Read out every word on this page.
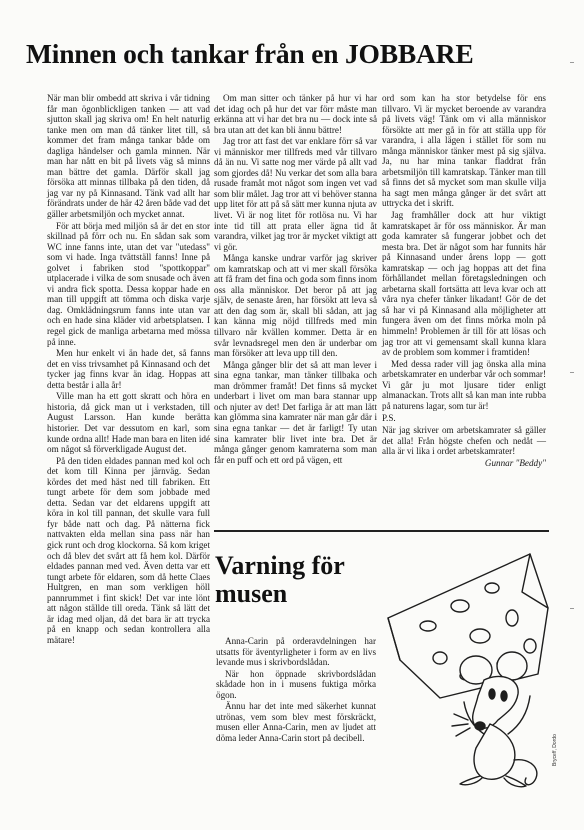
Minnen och tankar från en JOBBARE

När man blir ombedd att skriva i vår tidning får man ögonblickligen tanken — att vad sjutton skall jag skriva om! En helt naturlig tanke men om man då tänker litet till, så kommer det fram många tankar både om dagliga händelser och gamla minnen. När man har nått en bit på livets väg så minns man bättre det gamla. Därför skall jag försöka att minnas tillbaka på den tiden, då jag var ny på Kinnasand. Tänk vad allt har förändrats under de här 42 åren både vad det gäller arbetsmiljön och mycket annat.

För att börja med miljön så är det en stor skillnad på förr och nu. En sådan sak som WC inne fanns inte, utan det var "utedass" som vi hade. Inga tvättställ fanns! Inne på golvet i fabriken stod "spottkoppar" utplacerade i vilka de som snusade och även vi andra fick spotta. Dessa koppar hade en man till uppgift att tömma och diska varje dag. Omklädningsrum fanns inte utan var och en hade sina kläder vid arbetsplatsen. I regel gick de manliga arbetarna med mössa på inne.

Men hur enkelt vi än hade det, så fanns det en viss trivsamhet på Kinnasand och det tycker jag finns kvar än idag. Hoppas att detta består i alla år!

Ville man ha ett gott skratt och höra en historia, då gick man ut i verkstaden, till August Larsson. Han kunde berätta historier. Det var dessutom en karl, som kunde ordna allt! Hade man bara en liten idé om något så förverkligade August det.

På den tiden eldades pannan med kol och det kom till Kinna per järnväg. Sedan kördes det med häst ned till fabriken. Ett tungt arbete för dem som jobbade med detta. Sedan var det eldarens uppgift att köra in kol till pannan, det skulle vara full fyr både natt och dag. På nätterna fick nattvakten elda mellan sina pass när han gick runt och drog klockorna. Så kom kriget och då blev det svårt att få hem kol. Därför eldades pannan med ved. Även detta var ett tungt arbete för eldaren, som då hette Claes Hultgren, en man som verkligen höll pannrummet i fint skick! Det var inte lönt att någon ställde till oreda. Tänk så lätt det är idag med oljan, då det bara är att trycka på en knapp och sedan kontrollera alla mätare!

Om man sitter och tänker på hur vi har det idag och på hur det var förr måste man erkänna att vi har det bra nu — dock inte så bra utan att det kan bli ännu bättre!

Jag tror att fast det var enklare förr så var vi människor mer tillfreds med vår tillvaro då än nu. Vi satte nog mer värde på allt vad som gjordes då! Nu verkar det som alla bara rusade framåt mot något som ingen vet vad som blir målet. Jag tror att vi behöver stanna upp litet för att på så sätt mer kunna njuta av livet. Vi är nog litet för rotlösa nu. Vi har inte tid till att prata eller ägna tid åt varandra, vilket jag tror är mycket viktigt att vi gör.

Många kanske undrar varför jag skriver om kamratskap och att vi mer skall försöka att få fram det fina och goda som finns inom oss alla människor. Det beror på att jag själv, de senaste åren, har försökt att leva så att den dag som är, skall bli sådan, att jag kan känna mig nöjd tillfreds med min tillvaro när kvällen kommer. Detta är en svår levnadsregel men den är underbar om man försöker att leva upp till den.

Många gånger blir det så att man lever i sina egna tankar, man tänker tillbaka och man drömmer framåt! Det finns så mycket underbart i livet om man bara stannar upp och njuter av det! Det farliga är att man lätt kan glömma sina kamrater när man går där i sina egna tankar — det är farligt! Ty utan sina kamrater blir livet inte bra. Det är många gånger genom kamraterna som man får en puff och ett ord på vägen, ett

ord som kan ha stor betydelse för ens tillvaro. Vi är mycket beroende av varandra på livets väg! Tänk om vi alla människor försökte att mer gå in för att ställa upp för varandra, i alla lägen i stället för som nu många människor tänker mest på sig själva. Ja, nu har mina tankar fladdrat från arbetsmiljön till kamratskap. Tänker man till så finns det så mycket som man skulle vilja ha sagt men många gånger är det svårt att uttrycka det i skrift.

Jag framhåller dock att hur viktigt kamratskapet är för oss människor. Är man goda kamrater så fungerar jobbet och det mesta bra. Det är något som har funnits här på Kinnasand under årens lopp — gott kamratskap — och jag hoppas att det fina förhållandet mellan företagsledningen och arbetarna skall fortsätta att leva kvar och att våra nya chefer tänker likadant! Gör de det så har vi på Kinnasand alla möjligheter att fungera även om det finns mörka moln på himmeln! Problemen är till för att lösas och jag tror att vi gemensamt skall kunna klara av de problem som kommer i framtiden!

Med dessa rader vill jag önska alla mina arbetskamrater en underbar vår och sommar! Vi går ju mot ljusare tider enligt almanackan. Trots allt så kan man inte rubba på naturens lagar, som tur är!

P.S.

När jag skriver om arbetskamrater så gäller det alla! Från högste chefen och nedåt — alla är vi lika i ordet arbetskamrater!

Gunnar "Beddy"

Varning för
musen

Anna-Carin på orderavdelningen har utsatts för äventyrligheter i form av en livs levande mus i skrivbordslådan.

När hon öppnade skrivbordslådan skådade hon in i musens fuktiga mörka ögon.

Ännu har det inte med säkerhet kunnat utrönas, vem som blev mest förskräckt, musen eller Anna-Carin, men av ljudet att döma leder Anna-Carin stort på decibell.	Bryceff, Dordo
